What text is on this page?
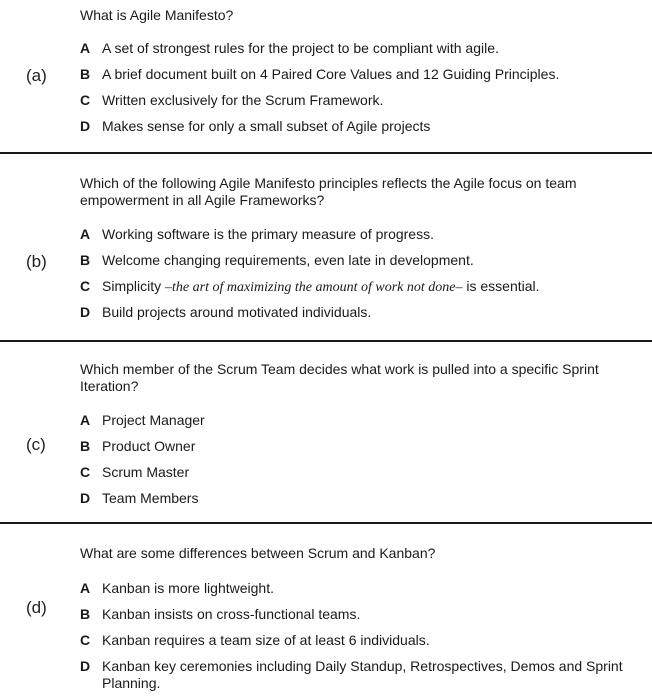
What is Agile Manifesto?
(a)
A A set of strongest rules for the project to be compliant with agile.
B A brief document built on 4 Paired Core Values and 12 Guiding Principles.
C Written exclusively for the Scrum Framework.
D Makes sense for only a small subset of Agile projects
Which of the following Agile Manifesto principles reflects the Agile focus on team empowerment in all Agile Frameworks?
(b)
A Working software is the primary measure of progress.
B Welcome changing requirements, even late in development.
C Simplicity –the art of maximizing the amount of work not done– is essential.
D Build projects around motivated individuals.
Which member of the Scrum Team decides what work is pulled into a specific Sprint Iteration?
(c)
A Project Manager
B Product Owner
C Scrum Master
D Team Members
What are some differences between Scrum and Kanban?
(d)
A Kanban is more lightweight.
B Kanban insists on cross-functional teams.
C Kanban requires a team size of at least 6 individuals.
D Kanban key ceremonies including Daily Standup, Retrospectives, Demos and Sprint Planning.
